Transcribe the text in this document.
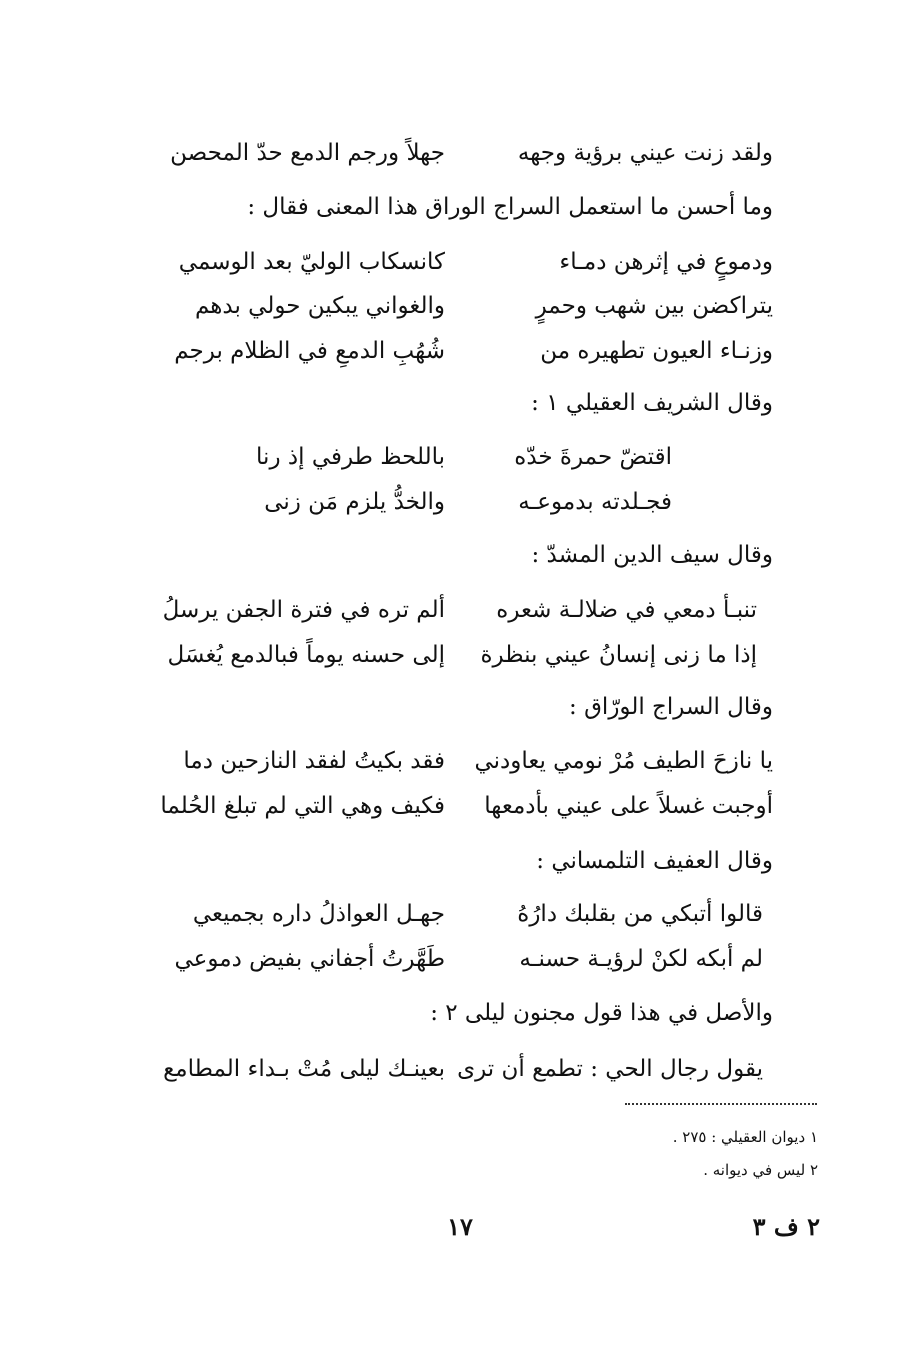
ولقد زنت عيني برؤية وجهه
جهلاً ورجم الدمع حدّ المحصن
وما أحسن ما استعمل السراج الوراق هذا المعنى فقال :
ودموعٍ في إثرهن دمـاء
كانسكاب الوليّ بعد الوسمي
يتراكضن بين شهب وحمرٍ
والغواني يبكين حولي بدهم
وزنـاء العيون تطهيره من
شُهُبِ الدمعِ في الظلام برجم
وقال الشريف العقيلي ١ :
اقتضّ حمرةَ خدّه
باللحظ طرفي إذ رنا
فجـلدته بدموعـه
والخدُّ يلزم مَن زنى
وقال سيف الدين المشدّ :
تنبـأ دمعي في ضلالـة شعره
ألم تره في فترة الجفن يرسلُ
إذا ما زنى إنسانُ عيني بنظرة
إلى حسنه يوماً فبالدمع يُغسَل
وقال السراج الورّاق :
يا نازحَ الطيف مُرْ نومي يعاودني
فقد بكيتُ لفقد النازحين دما
أوجبت غسلاً على عيني بأدمعها
فكيف وهي التي لم تبلغ الحُلما
وقال العفيف التلمساني :
قالوا أتبكي من بقلبك دارُهُ
جهـل العواذلُ داره بجميعي
لم أبكه لكنْ لرؤيـة حسنـه
طَهَّرتُ أجفاني بفيض دموعي
والأصل في هذا قول مجنون ليلى ٢ :
يقول رجال الحي : تطمع أن ترى
بعينـك ليلى مُتْ بـداء المطامع
١ ديوان العقيلي : ٢٧٥ .
٢ ليس في ديوانه .
١٧	٢ ف ٣
